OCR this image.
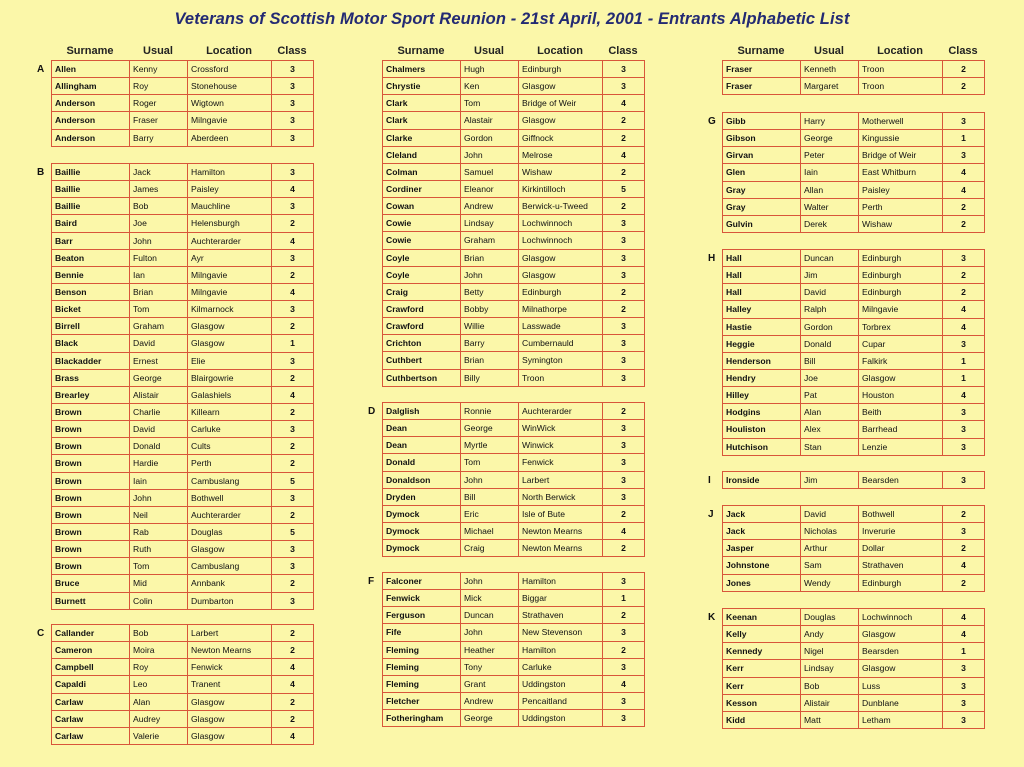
Veterans of Scottish Motor Sport Reunion - 21st April, 2001 - Entrants Alphabetic List
Surname	Usual	Location	Class
A	Allen	Kenny	Crossford	3
Allingham	Roy	Stonehouse	3
Anderson	Roger	Wigtown	3
Anderson	Fraser	Milngavie	3
Anderson	Barry	Aberdeen	3
B	Baillie	Jack	Hamilton	3
Baillie	James	Paisley	4
Baillie	Bob	Mauchline	3
Baird	Joe	Helensburgh	2
Barr	John	Auchterarder	4
Beaton	Fulton	Ayr	3
Bennie	Ian	Milngavie	2
Benson	Brian	Milngavie	4
Bicket	Tom	Kilmarnock	3
Birrell	Graham	Glasgow	2
Black	David	Glasgow	1
Blackadder	Ernest	Elie	3
Brass	George	Blairgowrie	2
Brearley	Alistair	Galashiels	4
Brown	Charlie	Killearn	2
Brown	David	Carluke	3
Brown	Donald	Cults	2
Brown	Hardie	Perth	2
Brown	Iain	Cambuslang	5
Brown	John	Bothwell	3
Brown	Neil	Auchterarder	2
Brown	Rab	Douglas	5
Brown	Ruth	Glasgow	3
Brown	Tom	Cambuslang	3
Bruce	Mid	Annbank	2
Burnett	Colin	Dumbarton	3
C	Callander	Bob	Larbert	2
Cameron	Moira	Newton Mearns	2
Campbell	Roy	Fenwick	4
Capaldi	Leo	Tranent	4
Carlaw	Alan	Glasgow	2
Carlaw	Audrey	Glasgow	2
Carlaw	Valerie	Glasgow	4
Surname	Usual	Location	Class
Chalmers	Hugh	Edinburgh	3
Chrystie	Ken	Glasgow	3
Clark	Tom	Bridge of Weir	4
Clark	Alastair	Glasgow	2
Clarke	Gordon	Giffnock	2
Cleland	John	Melrose	4
Colman	Samuel	Wishaw	2
Cordiner	Eleanor	Kirkintilloch	5
Cowan	Andrew	Berwick-u-Tweed	2
Cowie	Lindsay	Lochwinnoch	3
Cowie	Graham	Lochwinnoch	3
Coyle	Brian	Glasgow	3
Coyle	John	Glasgow	3
Craig	Betty	Edinburgh	2
Crawford	Bobby	Milnathorpe	2
Crawford	Willie	Lasswade	3
Crichton	Barry	Cumbernauld	3
Cuthbert	Brian	Symington	3
Cuthbertson	Billy	Troon	3
D	Dalglish	Ronnie	Auchterarder	2
Dean	George	WinWick	3
Dean	Myrtle	Winwick	3
Donald	Tom	Fenwick	3
Donaldson	John	Larbert	3
Dryden	Bill	North Berwick	3
Dymock	Eric	Isle of Bute	2
Dymock	Michael	Newton Mearns	4
Dymock	Craig	Newton Mearns	2
F	Falconer	John	Hamilton	3
Fenwick	Mick	Biggar	1
Ferguson	Duncan	Strathaven	2
Fife	John	New Stevenson	3
Fleming	Heather	Hamilton	2
Fleming	Tony	Carluke	3
Fleming	Grant	Uddingston	4
Fletcher	Andrew	Pencaitland	3
Fotheringham	George	Uddingston	3
Surname	Usual	Location	Class
Fraser	Kenneth	Troon	2
Fraser	Margaret	Troon	2
G	Gibb	Harry	Motherwell	3
Gibson	George	Kingussie	1
Girvan	Peter	Bridge of Weir	3
Glen	Iain	East Whitburn	4
Gray	Allan	Paisley	4
Gray	Walter	Perth	2
Gulvin	Derek	Wishaw	2
H	Hall	Duncan	Edinburgh	3
Hall	Jim	Edinburgh	2
Hall	David	Edinburgh	2
Halley	Ralph	Milngavie	4
Hastie	Gordon	Torbrex	4
Heggie	Donald	Cupar	3
Henderson	Bill	Falkirk	1
Hendry	Joe	Glasgow	1
Hilley	Pat	Houston	4
Hodgins	Alan	Beith	3
Houliston	Alex	Barrhead	3
Hutchison	Stan	Lenzie	3
I	Ironside	Jim	Bearsden	3
J	Jack	David	Bothwell	2
Jack	Nicholas	Inverurie	3
Jasper	Arthur	Dollar	2
Johnstone	Sam	Strathaven	4
Jones	Wendy	Edinburgh	2
K	Keenan	Douglas	Lochwinnoch	4
Kelly	Andy	Glasgow	4
Kennedy	Nigel	Bearsden	1
Kerr	Lindsay	Glasgow	3
Kerr	Bob	Luss	3
Kesson	Alistair	Dunblane	3
Kidd	Matt	Letham	3
